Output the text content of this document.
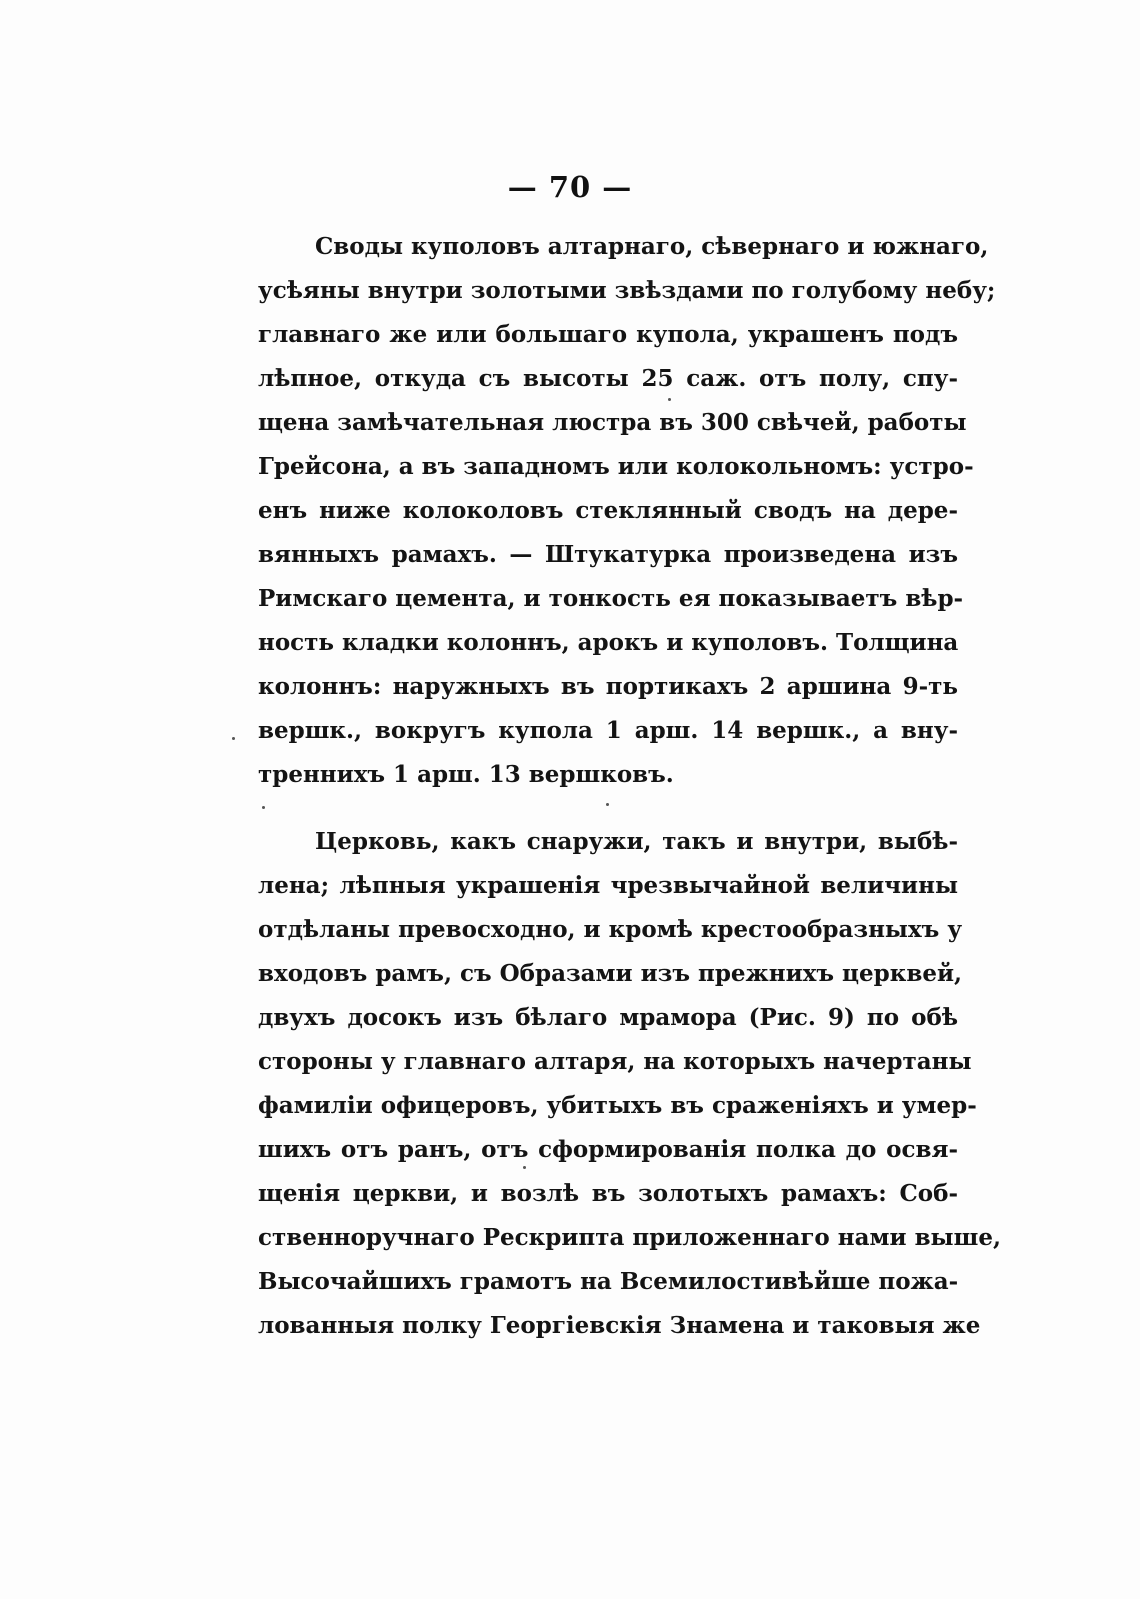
— 70 —
Своды куполовъ алтарнаго, сѣвернаго и южнаго,
усѣяны внутри золотыми звѣздами по голубому небу;
главнаго же или большаго купола, украшенъ подъ
лѣпное, откуда съ высоты 25 саж. отъ полу, спу-
щена замѣчательная люстра въ 300 свѣчей, работы
Грейсона, а въ западномъ или колокольномъ: устро-
енъ ниже колоколовъ стеклянный сводъ на дере-
вянныхъ рамахъ. — Штукатурка произведена изъ
Римскаго цемента, и тонкость ея показываетъ вѣр-
ность кладки колоннъ, арокъ и куполовъ. Толщина
колоннъ: наружныхъ въ портикахъ 2 аршина 9-ть
вершк., вокругъ купола 1 арш. 14 вершк., а вну-
треннихъ 1 арш. 13 вершковъ.
Церковь, какъ снаружи, такъ и внутри, выбѣ-
лена; лѣпныя украшенія чрезвычайной величины
отдѣланы превосходно, и кромѣ крестообразныхъ у
входовъ рамъ, съ Образами изъ прежнихъ церквей,
двухъ досокъ изъ бѣлаго мрамора (Рис. 9) по обѣ
стороны у главнаго алтаря, на которыхъ начертаны
фамиліи офицеровъ, убитыхъ въ сраженіяхъ и умер-
шихъ отъ ранъ, отъ сформированія полка до освя-
щенія церкви, и возлѣ въ золотыхъ рамахъ: Соб-
ственноручнаго Рескрипта приложеннаго нами выше,
Высочайшихъ грамотъ на Всемилостивѣйше пожа-
лованныя полку Георгіевскія Знамена и таковыя же
